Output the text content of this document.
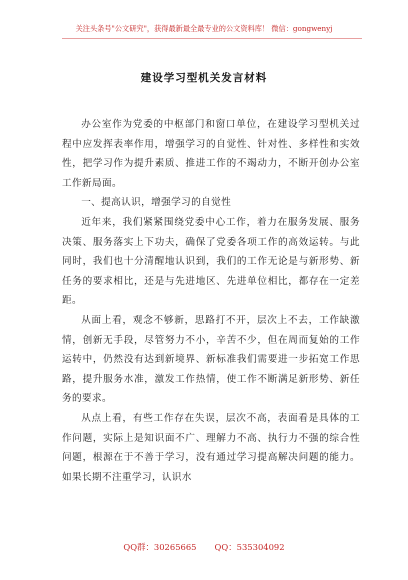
关注头条号"公文研究"，获得最新最全最专业的公文资料库！ 微信：gongwenyj
建设学习型机关发言材料

办公室作为党委的中枢部门和窗口单位，在建设学习型机关过程中应发挥表率作用，增强学习的自觉性、针对性、多样性和实效性，把学习作为提升素质、推进工作的不竭动力，不断开创办公室工作新局面。

一、提高认识，增强学习的自觉性

近年来，我们紧紧围绕党委中心工作，着力在服务发展、服务决策、服务落实上下功夫，确保了党委各项工作的高效运转。与此同时，我们也十分清醒地认识到，我们的工作无论是与新形势、新任务的要求相比，还是与先进地区、先进单位相比，都存在一定差距。

从面上看，观念不够新，思路打不开，层次上不去，工作缺激情，创新无手段，尽管努力不小，辛苦不少，但在周而复始的工作运转中，仍然没有达到新境界、新标准我们需要进一步拓宽工作思路，提升服务水准，激发工作热情，使工作不断满足新形势、新任务的要求。

从点上看，有些工作存在失误，层次不高，表面看是具体的工作问题，实际上是知识面不广、理解力不高、执行力不强的综合性问题，根源在于不善于学习，没有通过学习提高解决问题的能力。如果长期不注重学习，认识水

QQ群：30265665 QQ：535304092
